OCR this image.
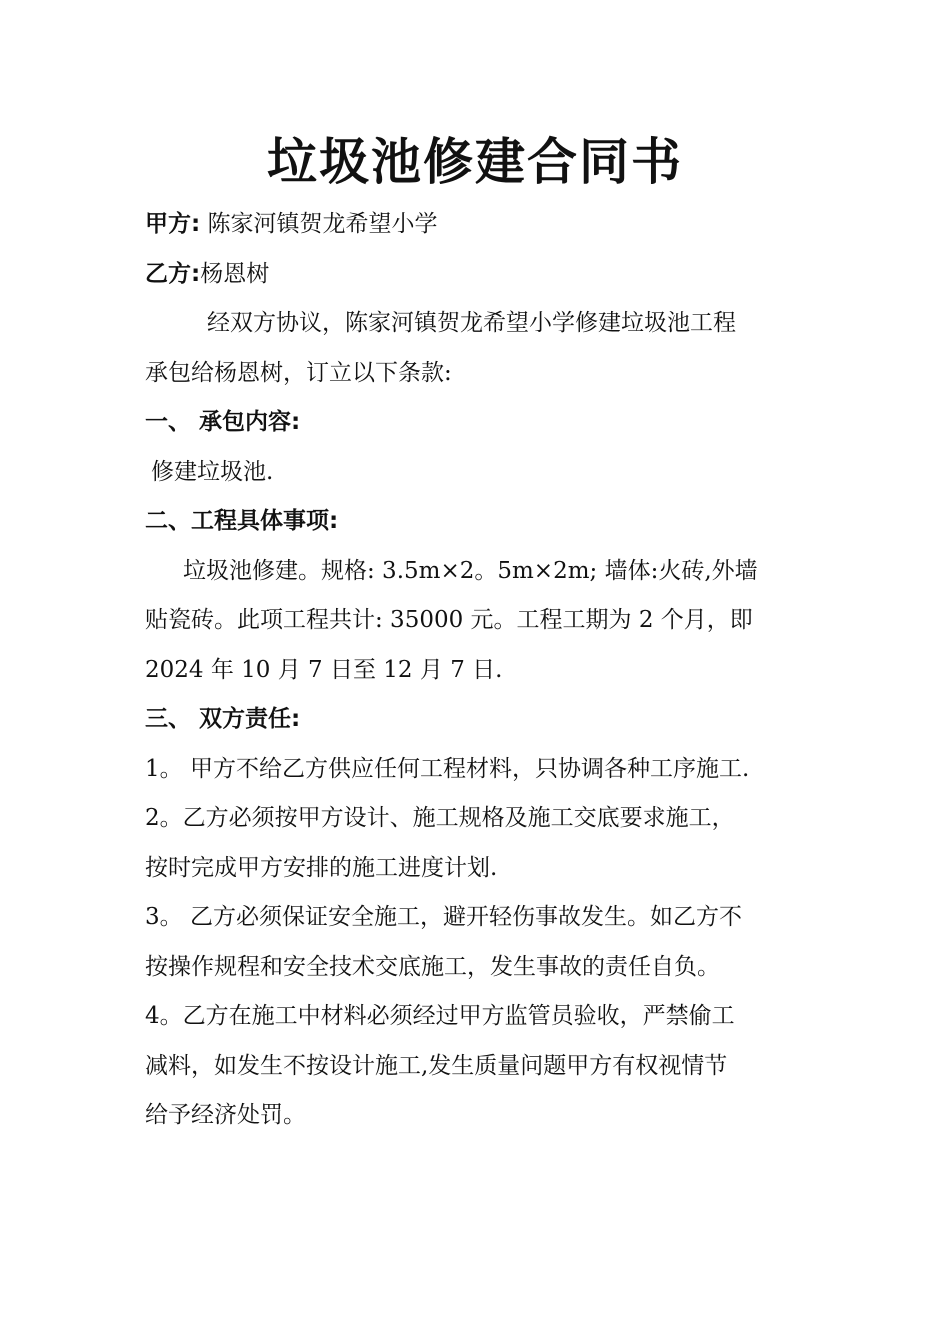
垃圾池修建合同书

甲方: 陈家河镇贺龙希望小学

乙方:杨恩树

经双方协议，陈家河镇贺龙希望小学修建垃圾池工程

承包给杨恩树，订立以下条款:

一、 承包内容:

修建垃圾池.

二、工程具体事项:

垃圾池修建。规格: 3.5m×2。5m×2m; 墙体:火砖,外墙

贴瓷砖。此项工程共计: 35000 元。工程工期为 2 个月，即

2024 年 10 月 7 日至 12 月 7 日.

三、 双方责任:

1。 甲方不给乙方供应任何工程材料，只协调各种工序施工.

2。乙方必须按甲方设计、施工规格及施工交底要求施工，

按时完成甲方安排的施工进度计划.

3。 乙方必须保证安全施工，避开轻伤事故发生。如乙方不

按操作规程和安全技术交底施工，发生事故的责任自负。

4。乙方在施工中材料必须经过甲方监管员验收，严禁偷工

减料，如发生不按设计施工,发生质量问题甲方有权视情节

给予经济处罚。
